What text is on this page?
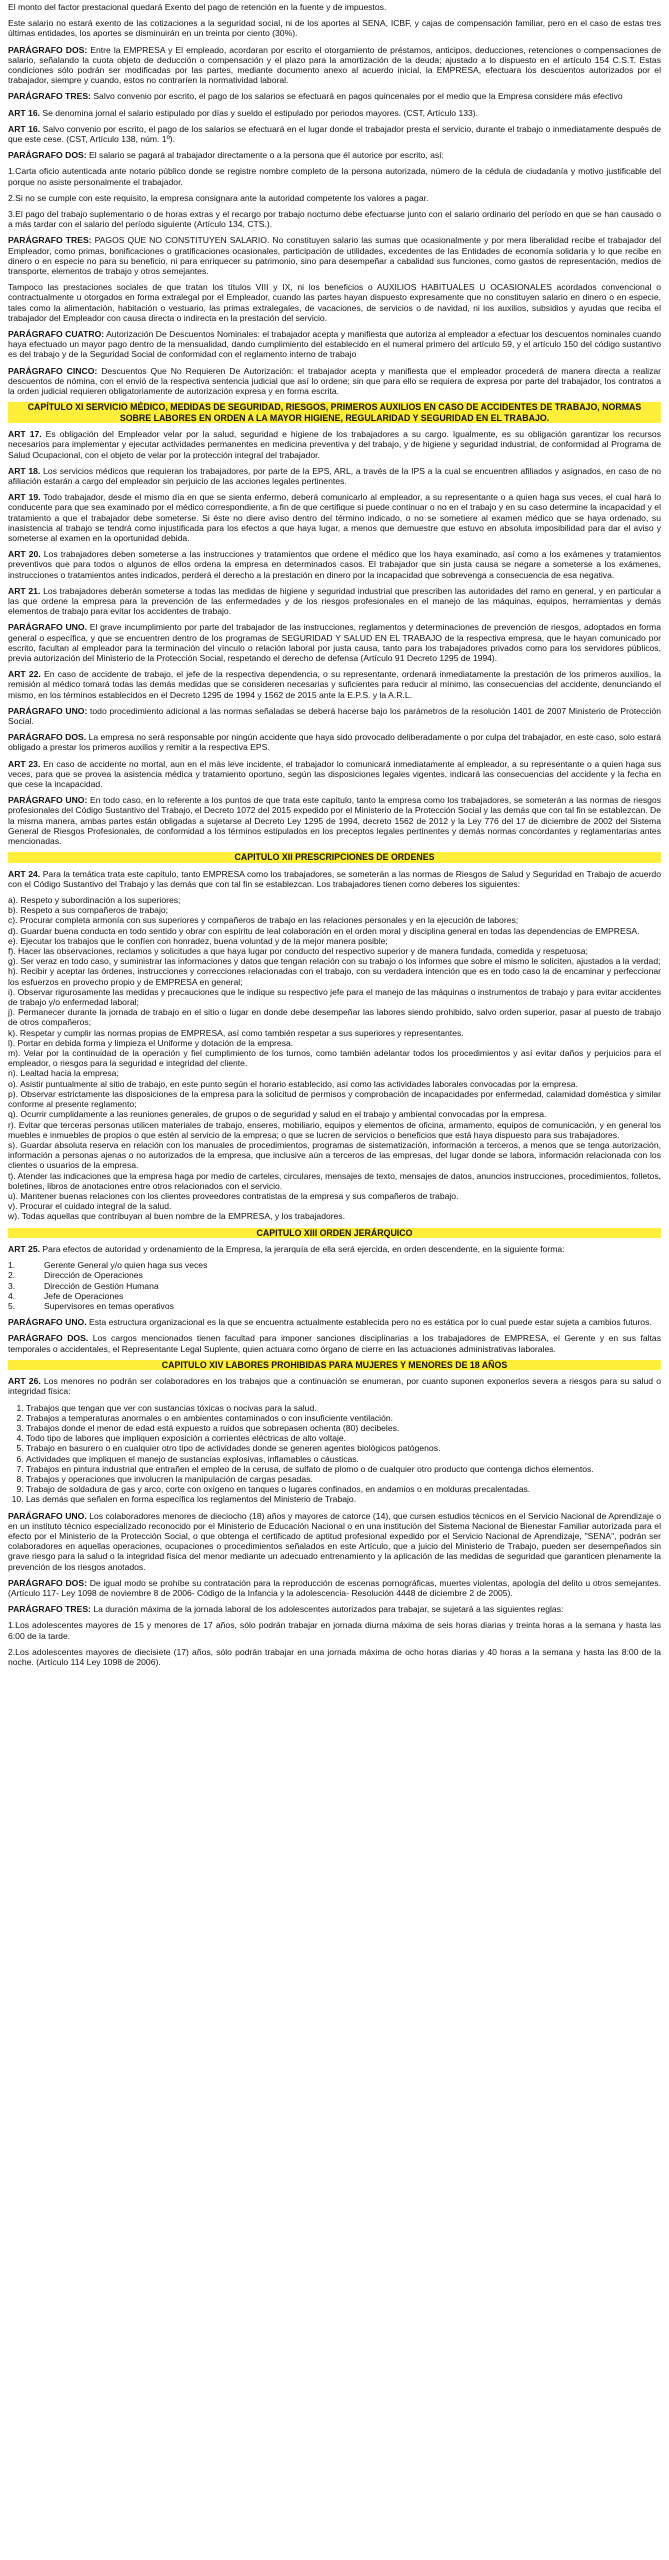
El monto del factor prestacional quedará Exento del pago de retención en la fuente y de impuestos.

Este salario no estará exento de las cotizaciones a la seguridad social, ni de los aportes al SENA, ICBF, y cajas de compensación familiar, pero en el caso de estas tres últimas entidades, los aportes se disminuirán en un treinta por ciento (30%).

PARÁGRAFO DOS: Entre la EMPRESA y El empleado, acordaran por escrito el otorgamiento de préstamos, anticipos, deducciones, retenciones o compensaciones de salario, señalando la cuota objeto de deducción o compensación y el plazo para la amortización de la deuda; ajustado a lo dispuesto en el artículo 154 C.S.T. Estas condiciones sólo podrán ser modificadas por las partes, mediante documento anexo al acuerdo inicial, la EMPRESA, efectuara los descuentos autorizados por el trabajador, siempre y cuando, estos no contraríen la normatividad laboral.

PARÁGRAFO TRES: Salvo convenio por escrito, el pago de los salarios se efectuará en pagos quincenales por el medio que la Empresa considere más efectivo

ART 16. Se denomina jornal el salario estipulado por días y sueldo el estipulado por periodos mayores. (CST, Artículo 133).

ART 16. Salvo convenio por escrito, el pago de los salarios se efectuará en el lugar donde el trabajador presta el servicio, durante el trabajo o inmediatamente después de que este cese. (CST, Artículo 138, núm. 1º).

PARÁGRAFO DOS: El salario se pagará al trabajador directamente o a la persona que él autorice por escrito, así:

1.Carta oficio autenticada ante notario público donde se registre nombre completo de la persona autorizada, número de la cédula de ciudadanía y motivo justificable del porque no asiste personalmente el trabajador.

2.Si no se cumple con este requisito, la empresa consignara ante la autoridad competente los valores a pagar.

3.El pago del trabajo suplementario o de horas extras y el recargo por trabajo nocturno debe efectuarse junto con el salario ordinario del período en que se han causado o a más tardar con el salario del período siguiente (Artículo 134, CTS.).

PARÁGRAFO TRES: PAGOS QUE NO CONSTITUYEN SALARIO. No constituyen salario las sumas que ocasionalmente y por mera liberalidad recibe el trabajador del Empleador, como primas, bonificaciones o gratificaciones ocasionales, participación de utilidades, excedentes de las Entidades de economía solidaria y lo que recibe en dinero o en especie no para su beneficio, ni para enriquecer su patrimonio, sino para desempeñar a cabalidad sus funciones, como gastos de representación, medios de transporte, elementos de trabajo y otros semejantes.

Tampoco las prestaciones sociales de que tratan los títulos VIII y IX, ni los beneficios o AUXILIOS HABITUALES U OCASIONALES acordados convencional o contractualmente u otorgados en forma extralegal por el Empleador, cuando las partes hayan dispuesto expresamente que no constituyen salario en dinero o en especie, tales como la alimentación, habitación o vestuario, las primas extralegales, de vacaciones, de servicios o de navidad, ni los auxilios, subsidios y ayudas que reciba el trabajador del Empleador con causa directa o indirecta en la prestación del servicio.

PARÁGRAFO CUATRO: Autorización De Descuentos Nominales: el trabajador acepta y manifiesta que autoriza al empleador a efectuar los descuentos nominales cuando haya efectuado un mayor pago dentro de la mensualidad, dando cumplimiento del establecido en el numeral primero del artículo 59, y el artículo 150 del código sustantivo es del trabajo y de la Seguridad Social de conformidad con el reglamento interno de trabajo

PARÁGRAFO CINCO: Descuentos Que No Requieren De Autorización: el trabajador acepta y manifiesta que el empleador procederá de manera directa a realizar descuentos de nómina, con el envió de la respectiva sentencia judicial que así lo ordene; sin que para ello se requiera de expresa por parte del trabajador, los contratos a la orden judicial requieren obligatoriamente de autorización expresa y en forma escrita.

CAPÍTULO XI SERVICIO MÉDICO, MEDIDAS DE SEGURIDAD, RIESGOS, PRIMEROS AUXILIOS EN CASO DE ACCIDENTES DE TRABAJO, NORMAS SOBRE LABORES EN ORDEN A LA MAYOR HIGIENE, REGULARIDAD Y SEGURIDAD EN EL TRABAJO.

ART 17. Es obligación del Empleador velar por la salud, seguridad e higiene de los trabajadores a su cargo. Igualmente, es su obligación garantizar los recursos necesarios para implementar y ejecutar actividades permanentes en medicina preventiva y del trabajo, y de higiene y seguridad industrial, de conformidad al Programa de Salud Ocupacional, con el objeto de velar por la protección integral del trabajador.

ART 18. Los servicios médicos que requieran los trabajadores, por parte de la EPS, ARL, a través de la IPS a la cual se encuentren afiliados y asignados, en caso de no afiliación estarán a cargo del empleador sin perjuicio de las acciones legales pertinentes.

ART 19. Todo trabajador, desde el mismo día en que se sienta enfermo, deberá comunicarlo al empleador, a su representante o a quien haga sus veces, el cual hará lo conducente para que sea examinado por el médico correspondiente, a fin de que certifique si puede continuar o no en el trabajo y en su caso determine la incapacidad y el tratamiento a que el trabajador debe someterse. Si éste no diere aviso dentro del término indicado, o no se sometiere al examen médico que se haya ordenado, su inasistencia al trabajo se tendrá como injustificada para los efectos a que haya lugar, a menos que demuestre que estuvo en absoluta imposibilidad para dar el aviso y someterse al examen en la oportunidad debida.

ART 20. Los trabajadores deben someterse a las instrucciones y tratamientos que ordene el médico que los haya examinado, así como a los exámenes y tratamientos preventivos que para todos o algunos de ellos ordena la empresa en determinados casos. El trabajador que sin justa causa se negare a someterse a los exámenes, instrucciones o tratamientos antes indicados, perderá el derecho a la prestación en dinero por la incapacidad que sobrevenga a consecuencia de esa negativa.

ART 21. Los trabajadores deberán someterse a todas las medidas de higiene y seguridad industrial que prescriben las autoridades del ramo en general, y en particular a las que ordene la empresa para la prevención de las enfermedades y de los riesgos profesionales en el manejo de las máquinas, equipos, herramientas y demás elementos de trabajo para evitar los accidentes de trabajo.

PARÁGRAFO UNO. El grave incumplimiento por parte del trabajador de las instrucciones, reglamentos y determinaciones de prevención de riesgos, adoptados en forma general o específica, y que se encuentren dentro de los programas de SEGURIDAD Y SALUD EN EL TRABAJO de la respectiva empresa, que le hayan comunicado por escrito, facultan al empleador para la terminación del vínculo o relación laboral por justa causa, tanto para los trabajadores privados como para los servidores públicos, previa autorización del Ministerio de la Protección Social, respetando el derecho de defensa (Artículo 91 Decreto 1295 de 1994).

ART 22. En caso de accidente de trabajo, el jefe de la respectiva dependencia, o su representante, ordenará inmediatamente la prestación de los primeros auxilios, la remisión al médico tomará todas las demás medidas que se consideren necesarias y suficientes para reducir al mínimo, las consecuencias del accidente, denunciando el mismo, en los términos establecidos en el Decreto 1295 de 1994 y 1562 de 2015 ante la E.P.S. y la A.R.L.

PARÁGRAFO UNO: todo procedimiento adicional a las normas señaladas se deberá hacerse bajo los parámetros de la resolución 1401 de 2007 Ministerio de Protección Social.

PARÁGRAFO DOS. La empresa no será responsable por ningún accidente que haya sido provocado deliberadamente o por culpa del trabajador, en este caso, solo estará obligado a prestar los primeros auxilios y remitir a la respectiva EPS.

ART 23. En caso de accidente no mortal, aun en el más leve incidente, el trabajador lo comunicará inmediatamente al empleador, a su representante o a quien haga sus veces, para que se provea la asistencia médica y tratamiento oportuno, según las disposiciones legales vigentes, indicará las consecuencias del accidente y la fecha en que cese la incapacidad.

PARÁGRAFO UNO: En todo caso, en lo referente a los puntos de que trata este capítulo, tanto la empresa como los trabajadores, se someterán a las normas de riesgos profesionales del Código Sustantivo del Trabajo, el Decreto 1072 del 2015 expedido por el Ministerio de la Protección Social y las demás que con tal fin se establezcan. De la misma manera, ambas partes están obligadas a sujetarse al Decreto Ley 1295 de 1994, decreto 1562 de 2012 y la Ley 776 del 17 de diciembre de 2002 del Sistema General de Riesgos Profesionales, de conformidad a los términos estipulados en los preceptos legales pertinentes y demás normas concordantes y reglamentarias antes mencionadas.

CAPITULO XII PRESCRIPCIONES DE ORDENES

ART 24. Para la temática trata este capítulo, tanto EMPRESA como los trabajadores, se someterán a las normas de Riesgos de Salud y Seguridad en Trabajo de acuerdo con el Código Sustantivo del Trabajo y las demás que con tal fin se establezcan. Los trabajadores tienen como deberes los siguientes:

a). Respeto y subordinación a los superiores;
b). Respeto a sus compañeros de trabajo;
c). Procurar completa armonía con sus superiores y compañeros de trabajo en las relaciones personales y en la ejecución de labores;
d). Guardar buena conducta en todo sentido y obrar con espíritu de leal colaboración en el orden moral y disciplina general en todas las dependencias de EMPRESA.
e). Ejecutar los trabajos que le confíen con honradez, buena voluntad y de la mejor manera posible;
f). Hacer las observaciones, reclamos y solicitudes a que haya lugar por conducto del respectivo superior y de manera fundada, comedida y respetuosa;
g). Ser veraz en todo caso, y suministrar las informaciones y datos que tengan relación con su trabajo o los informes que sobre el mismo le soliciten, ajustados a la verdad;
h). Recibir y aceptar las órdenes, instrucciones y correcciones relacionadas con el trabajo, con su verdadera intención que es en todo caso la de encaminar y perfeccionar los esfuerzos en provecho propio y de EMPRESA en general;
i). Observar rigurosamente las medidas y precauciones que le indique su respectivo jefe para el manejo de las máquinas o instrumentos de trabajo y para evitar accidentes de trabajo y/o enfermedad laboral;
j). Permanecer durante la jornada de trabajo en el sitio o lugar en donde debe desempeñar las labores siendo prohibido, salvo orden superior, pasar al puesto de trabajo de otros compañeros;
k). Respetar y cumplir las normas propias de EMPRESA, así como también respetar a sus superiores y representantes.
l). Portar en debida forma y limpieza el Uniforme y dotación de la empresa.
m). Velar por la continuidad de la operación y fiel cumplimiento de los turnos, como también adelantar todos los procedimientos y así evitar daños y perjuicios para el empleador, o riesgos para la seguridad e integridad del cliente.
n). Lealtad hacia la empresa;
o). Asistir puntualmente al sitio de trabajo, en este punto según el horario establecido, así como las actividades laborales convocadas por la empresa.
p). Observar estrictamente las disposiciones de la empresa para la solicitud de permisos y comprobación de incapacidades por enfermedad, calamidad doméstica y similar conforme al presente reglamento;
q). Ocurrir cumplidamente a las reuniones generales, de grupos o de seguridad y salud en el trabajo y ambiental convocadas por la empresa.
r). Evitar que terceras personas utilicen materiales de trabajo, enseres, mobiliario, equipos y elementos de oficina, armamento, equipos de comunicación, y en general los muebles e inmuebles de propios o que estén al servicio de la empresa; o que se lucren de servicios o beneficios que está haya dispuesto para sus trabajadores.
s). Guardar absoluta reserva en relación con los manuales de procedimientos, programas de sistematización, información a terceros, a menos que se tenga autorización, información a personas ajenas o no autorizados de la empresa, que inclusive aún a terceros de las empresas, del lugar donde se labora, información relacionada con los clientes o usuarios de la empresa.
t). Atender las indicaciones que la empresa haga por medio de carteles, circulares, mensajes de texto, mensajes de datos, anuncios instrucciones, procedimientos, folletos, boletines, libros de anotaciones entre otros relacionados con el servicio.
u). Mantener buenas relaciones con los clientes proveedores contratistas de la empresa y sus compañeros de trabajo.
v). Procurar el cuidado integral de la salud.
w). Todas aquellas que contribuyan al buen nombre de la EMPRESA, y los trabajadores.
CAPITULO XIII ORDEN JERÁRQUICO

ART 25. Para efectos de autoridad y ordenamiento de la Empresa, la jerarquía de ella será ejercida, en orden descendente, en la siguiente forma:

1.	Gerente General y/o quien haga sus veces
2.	Dirección de Operaciones
3.	Dirección de Gestión Humana
4.	Jefe de Operaciones
5.	Supervisores en temas operativos

PARÁGRAFO UNO. Esta estructura organizacional es la que se encuentra actualmente establecida pero no es estática por lo cual puede estar sujeta a cambios futuros.

PARÁGRAFO DOS. Los cargos mencionados tienen facultad para imponer sanciones disciplinarias a los trabajadores de EMPRESA, el Gerente y en sus faltas temporales o accidentales, el Representante Legal Suplente, quien actuara como órgano de cierre en las actuaciones administrativas laborales.

CAPITULO XIV LABORES PROHIBIDAS PARA MUJERES Y MENORES DE 18 AÑOS

ART 26. Los menores no podrán ser colaboradores en los trabajos que a continuación se enumeran, por cuanto suponen exponerlos severa a riesgos para su salud o integridad física:

1. Trabajos que tengan que ver con sustancias tóxicas o nocivas para la salud.
2. Trabajos a temperaturas anormales o en ambientes contaminados o con insuficiente ventilación.
3. Trabajos donde el menor de edad está expuesto a ruidos que sobrepasen ochenta (80) decibeles.
4. Todo tipo de labores que impliquen exposición a corrientes eléctricas de alto voltaje.
5. Trabajo en basurero o en cualquier otro tipo de actividades donde se generen agentes biológicos patógenos.
6. Actividades que impliquen el manejo de sustancias explosivas, inflamables o cáusticas.
7. Trabajos en pintura industrial que entrañen el empleo de la cerusa, de sulfato de plomo o de cualquier otro producto que contenga dichos elementos.
8. Trabajos y operaciones que involucren la manipulación de cargas pesadas.
9. Trabajo de soldadura de gas y arco, corte con oxígeno en tanques o lugares confinados, en andamios o en molduras precalentadas.
10. Las demás que señalen en forma específica los reglamentos del Ministerio de Trabajo.

PARÁGRAFO UNO. Los colaboradores menores de dieciocho (18) años y mayores de catorce (14), que cursen estudios técnicos en el Servicio Nacional de Aprendizaje o en un instituto técnico especializado reconocido por el Ministerio de Educación Nacional o en una institución del Sistema Nacional de Bienestar Familiar autorizada para el efecto por el Ministerio de la Protección Social, o que obtenga el certificado de aptitud profesional expedido por el Servicio Nacional de Aprendizaje, "SENA", podrán ser colaboradores en aquellas operaciones, ocupaciones o procedimientos señalados en este Artículo, que a juicio del Ministerio de Trabajo, pueden ser desempeñados sin grave riesgo para la salud o la integridad física del menor mediante un adecuado entrenamiento y la aplicación de las medidas de seguridad que garanticen plenamente la prevención de los riesgos anotados.

PARÁGRAFO DOS: De igual modo se prohíbe su contratación para la reproducción de escenas pornográficas, muertes violentas, apología del delito u otros semejantes. (Artículo 117- Ley 1098 de noviembre 8 de 2006- Código de la Infancia y la adolescencia- Resolución 4448 de diciembre 2 de 2005).

PARÁGRAFO TRES: La duración máxima de la jornada laboral de los adolescentes autorizados para trabajar, se sujetará a las siguientes reglas:

1.Los adolescentes mayores de 15 y menores de 17 años, sólo podrán trabajar en jornada diurna máxima de seis horas diarias y treinta horas a la semana y hasta las 6:00 de la tarde.

2.Los adolescentes mayores de diecisiete (17) años, sólo podrán trabajar en una jornada máxima de ocho horas diarias y 40 horas a la semana y hasta las 8:00 de la noche. (Artículo 114 Ley 1098 de 2006).
